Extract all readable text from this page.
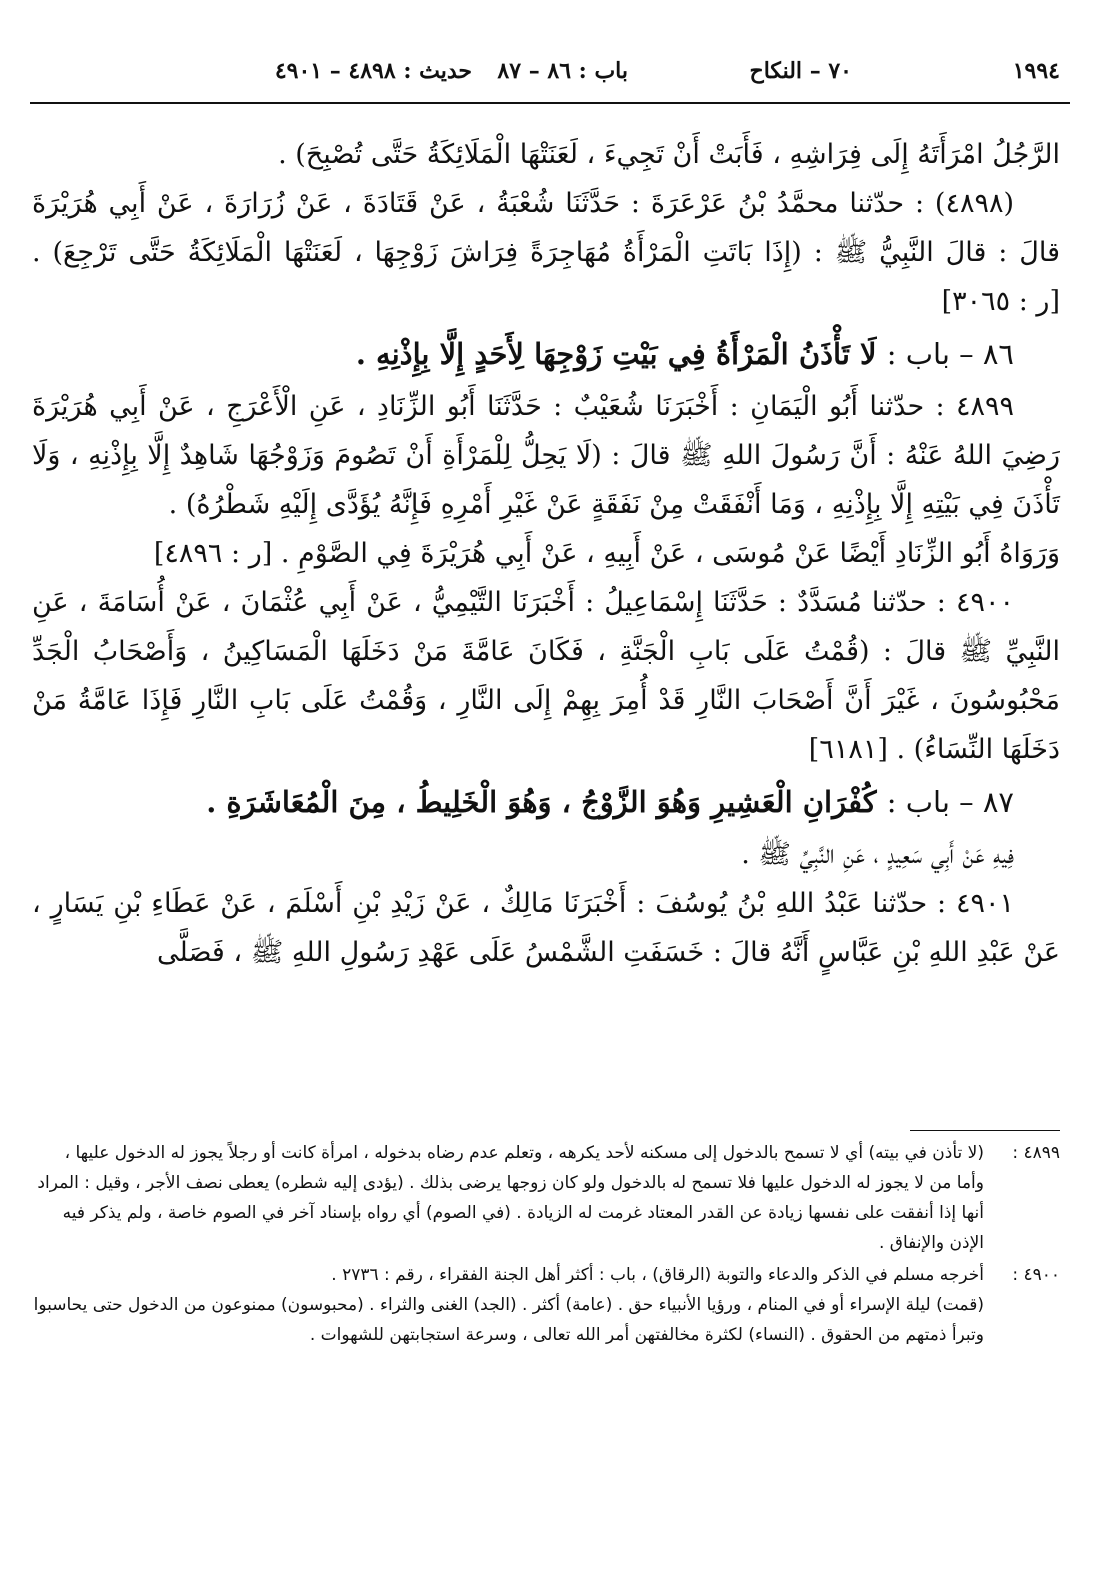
١٩٩٤
٧٠ – النكاح
باب : ٨٦ – ٨٧
حديث : ٤٨٩٨ – ٤٩٠١

الرَّجُلُ امْرَأَتَهُ إِلَى فِرَاشِهِ ، فَأَبَتْ أَنْ تَجِيءَ ، لَعَنَتْهَا الْمَلَائِكَةُ حَتَّى تُصْبِحَ) .

(٤٨٩٨) : حدّثنا محمَّدُ بْنُ عَرْعَرَةَ : حَدَّثَنَا شُعْبَةُ ، عَنْ قَتَادَةَ ، عَنْ زُرَارَةَ ، عَنْ أَبِي هُرَيْرَةَ قالَ : قالَ النَّبِيُّ ﷺ : (إِذَا بَاتَتِ الْمَرْأَةُ مُهَاجِرَةً فِرَاشَ زَوْجِهَا ، لَعَنَتْهَا الْمَلَائِكَةُ حَتَّى تَرْجِعَ) . [ر : ٣٠٦٥]

٨٦ – باب : لَا تَأْذَنُ الْمَرْأَةُ فِي بَيْتِ زَوْجِهَا لِأَحَدٍ إِلَّا بِإِذْنِهِ .

٤٨٩٩ : حدّثنا أَبُو الْيَمَانِ : أَخْبَرَنَا شُعَيْبٌ : حَدَّثَنَا أَبُو الزِّنَادِ ، عَنِ الْأَعْرَجِ ، عَنْ أَبِي هُرَيْرَةَ رَضِيَ اللهُ عَنْهُ : أَنَّ رَسُولَ اللهِ ﷺ قالَ : (لَا يَحِلُّ لِلْمَرْأَةِ أَنْ تَصُومَ وَزَوْجُهَا شَاهِدٌ إِلَّا بِإِذْنِهِ ، وَلَا تَأْذَنَ فِي بَيْتِهِ إِلَّا بِإِذْنِهِ ، وَمَا أَنْفَقَتْ مِنْ نَفَقَةٍ عَنْ غَيْرِ أَمْرِهِ فَإِنَّهُ يُؤَدَّى إِلَيْهِ شَطْرُهُ) .

وَرَوَاهُ أَبُو الزِّنَادِ أَيْضًا عَنْ مُوسَى ، عَنْ أَبِيهِ ، عَنْ أَبِي هُرَيْرَةَ فِي الصَّوْمِ . [ر : ٤٨٩٦]

٤٩٠٠ : حدّثنا مُسَدَّدٌ : حَدَّثَنَا إِسْمَاعِيلُ : أَخْبَرَنَا التَّيْمِيُّ ، عَنْ أَبِي عُثْمَانَ ، عَنْ أُسَامَةَ ، عَنِ النَّبِيِّ ﷺ قالَ : (قُمْتُ عَلَى بَابِ الْجَنَّةِ ، فَكَانَ عَامَّةَ مَنْ دَخَلَهَا الْمَسَاكِينُ ، وَأَصْحَابُ الْجَدِّ مَحْبُوسُونَ ، غَيْرَ أَنَّ أَصْحَابَ النَّارِ قَدْ أُمِرَ بِهِمْ إِلَى النَّارِ ، وَقُمْتُ عَلَى بَابِ النَّارِ فَإِذَا عَامَّةُ مَنْ دَخَلَهَا النِّسَاءُ) . [٦١٨١]

٨٧ – باب : كُفْرَانِ الْعَشِيرِ وَهُوَ الزَّوْجُ ، وَهُوَ الْخَلِيطُ ، مِنَ الْمُعَاشَرَةِ .

فِيهِ عَنْ أَبِي سَعِيدٍ ، عَنِ النَّبِيِّ ﷺ .

٤٩٠١ : حدّثنا عَبْدُ اللهِ بْنُ يُوسُفَ : أَخْبَرَنَا مَالِكٌ ، عَنْ زَيْدِ بْنِ أَسْلَمَ ، عَنْ عَطَاءِ بْنِ يَسَارٍ ، عَنْ عَبْدِ اللهِ بْنِ عَبَّاسٍ أَنَّهُ قالَ : خَسَفَتِ الشَّمْسُ عَلَى عَهْدِ رَسُولِ اللهِ ﷺ ، فَصَلَّى

٤٨٩٩ :

(لا تأذن في بيته) أي لا تسمح بالدخول إلى مسكنه لأحد يكرهه ، وتعلم عدم رضاه بدخوله ، امرأة كانت أو رجلاً يجوز له الدخول عليها ، وأما من لا يجوز له الدخول عليها فلا تسمح له بالدخول ولو كان زوجها يرضى بذلك . (يؤدى إليه شطره) يعطى نصف الأجر ، وقيل : المراد أنها إذا أنفقت على نفسها زيادة عن القدر المعتاد غرمت له الزيادة . (في الصوم) أي رواه بإسناد آخر في الصوم خاصة ، ولم يذكر فيه الإذن والإنفاق .

٤٩٠٠ :

أخرجه مسلم في الذكر والدعاء والتوبة (الرقاق) ، باب : أكثر أهل الجنة الفقراء ، رقم : ٢٧٣٦ .

(قمت) ليلة الإسراء أو في المنام ، ورؤيا الأنبياء حق . (عامة) أكثر . (الجد) الغنى والثراء . (محبوسون) ممنوعون من الدخول حتى يحاسبوا وتبرأ ذمتهم من الحقوق . (النساء) لكثرة مخالفتهن أمر الله تعالى ، وسرعة استجابتهن للشهوات .
